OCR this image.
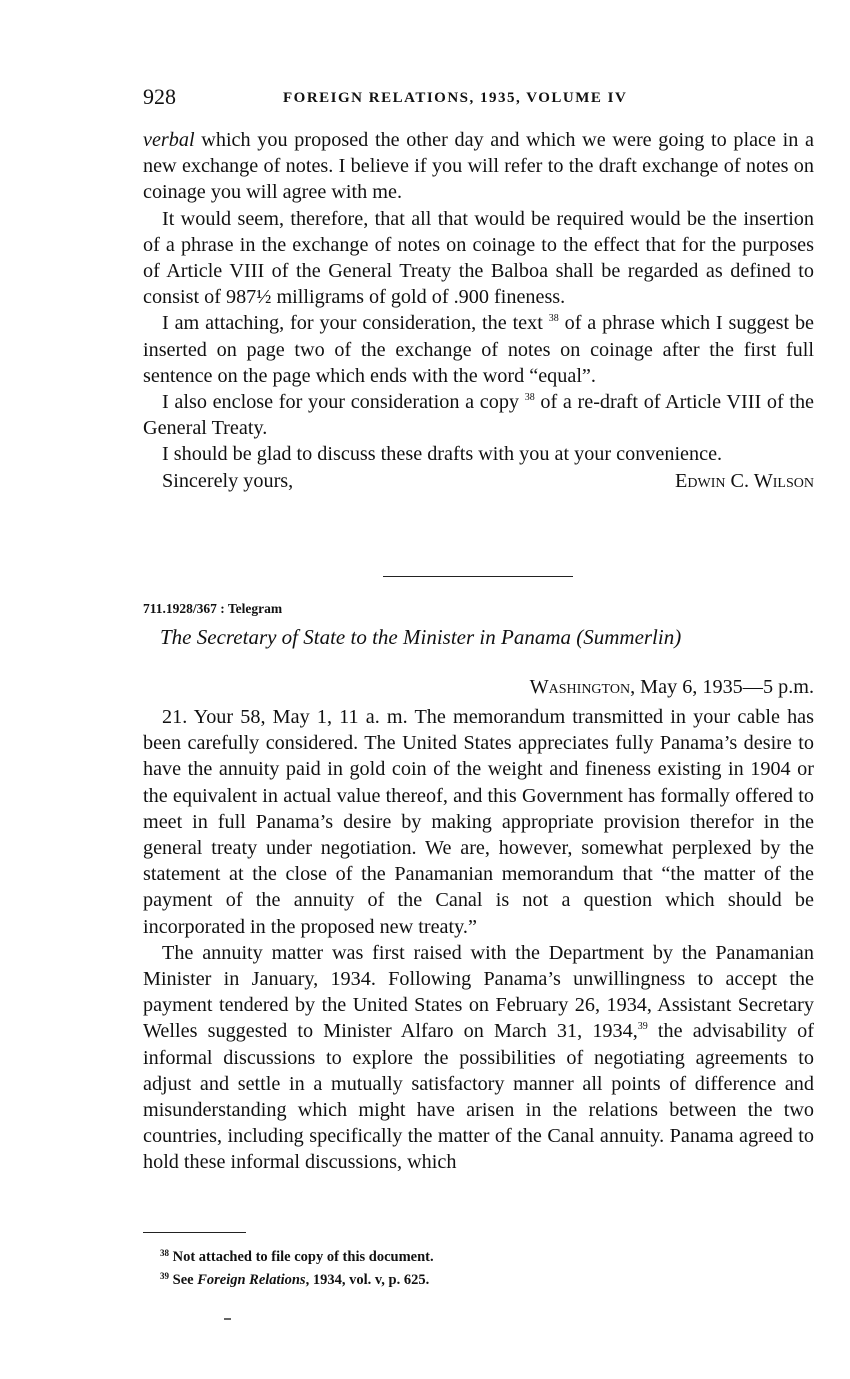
928	FOREIGN RELATIONS, 1935, VOLUME IV

verbal which you proposed the other day and which we were going to place in a new exchange of notes. I believe if you will refer to the draft exchange of notes on coinage you will agree with me.

It would seem, therefore, that all that would be required would be the insertion of a phrase in the exchange of notes on coinage to the effect that for the purposes of Article VIII of the General Treaty the Balboa shall be regarded as defined to consist of 987½ milligrams of gold of .900 fineness.

I am attaching, for your consideration, the text $^{38}$ of a phrase which I suggest be inserted on page two of the exchange of notes on coinage after the first full sentence on the page which ends with the word “equal”.

I also enclose for your consideration a copy $^{38}$ of a re-draft of Article VIII of the General Treaty.

I should be glad to discuss these drafts with you at your convenience.

Sincerely yours,	Edwin C. Wilson
711.1928/367 : Telegram
The Secretary of State to the Minister in Panama (Summerlin)
Washington, May 6, 1935—5 p.m.

21. Your 58, May 1, 11 a. m. The memorandum transmitted in your cable has been carefully considered. The United States appreciates fully Panama’s desire to have the annuity paid in gold coin of the weight and fineness existing in 1904 or the equivalent in actual value thereof, and this Government has formally offered to meet in full Panama’s desire by making appropriate provision therefor in the general treaty under negotiation. We are, however, somewhat perplexed by the statement at the close of the Panamanian memorandum that “the matter of the payment of the annuity of the Canal is not a question which should be incorporated in the proposed new treaty.”

The annuity matter was first raised with the Department by the Panamanian Minister in January, 1934. Following Panama’s unwillingness to accept the payment tendered by the United States on February 26, 1934, Assistant Secretary Welles suggested to Minister Alfaro on March 31, 1934,39 the advisability of informal discussions to explore the possibilities of negotiating agreements to adjust and settle in a mutually satisfactory manner all points of difference and misunderstanding which might have arisen in the relations between the two countries, including specifically the matter of the Canal annuity. Panama agreed to hold these informal discussions, which

$^{38}$ Not attached to file copy of this document.
$^{39}$ See Foreign Relations, 1934, vol. v, p. 625.
